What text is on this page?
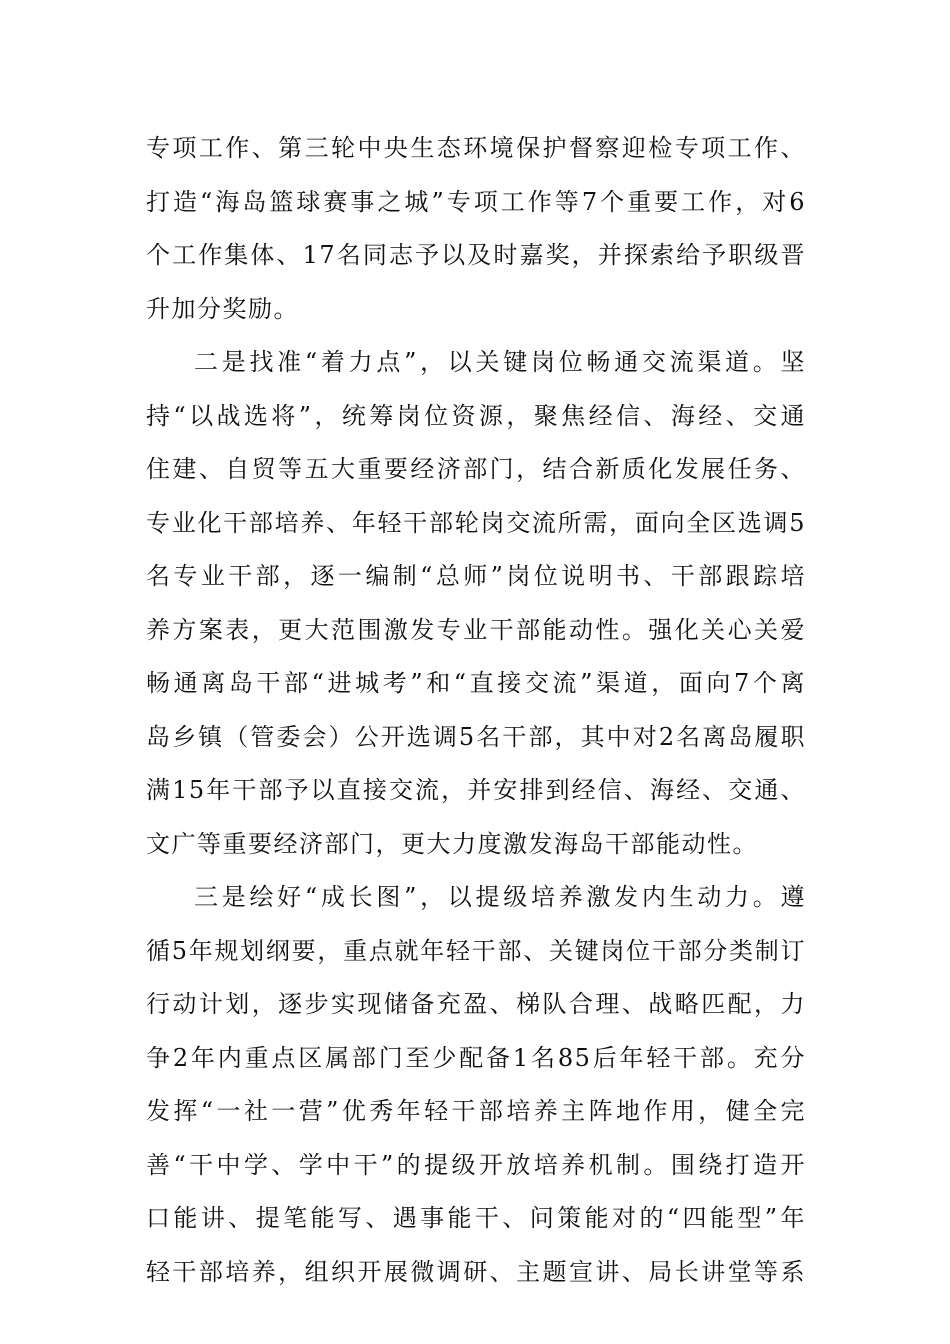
专项工作、第三轮中央生态环境保护督察迎检专项工作、
打造“海岛篮球赛事之城”专项工作等7个重要工作，对6
个工作集体、17名同志予以及时嘉奖，并探索给予职级晋
升加分奖励。
二是找准“着力点”，以关键岗位畅通交流渠道。坚
持“以战选将”，统筹岗位资源，聚焦经信、海经、交通
住建、自贸等五大重要经济部门，结合新质化发展任务、
专业化干部培养、年轻干部轮岗交流所需，面向全区选调5
名专业干部，逐一编制“总师”岗位说明书、干部跟踪培
养方案表，更大范围激发专业干部能动性。强化关心关爱
畅通离岛干部“进城考”和“直接交流”渠道，面向7个离
岛乡镇（管委会）公开选调5名干部，其中对2名离岛履职
满15年干部予以直接交流，并安排到经信、海经、交通、
文广等重要经济部门，更大力度激发海岛干部能动性。
三是绘好“成长图”，以提级培养激发内生动力。遵
循5年规划纲要，重点就年轻干部、关键岗位干部分类制订
行动计划，逐步实现储备充盈、梯队合理、战略匹配，力
争2年内重点区属部门至少配备1名85后年轻干部。充分
发挥“一社一营”优秀年轻干部培养主阵地作用，健全完
善“干中学、学中干”的提级开放培养机制。围绕打造开
口能讲、提笔能写、遇事能干、问策能对的“四能型”年
轻干部培养，组织开展微调研、主题宣讲、局长讲堂等系
